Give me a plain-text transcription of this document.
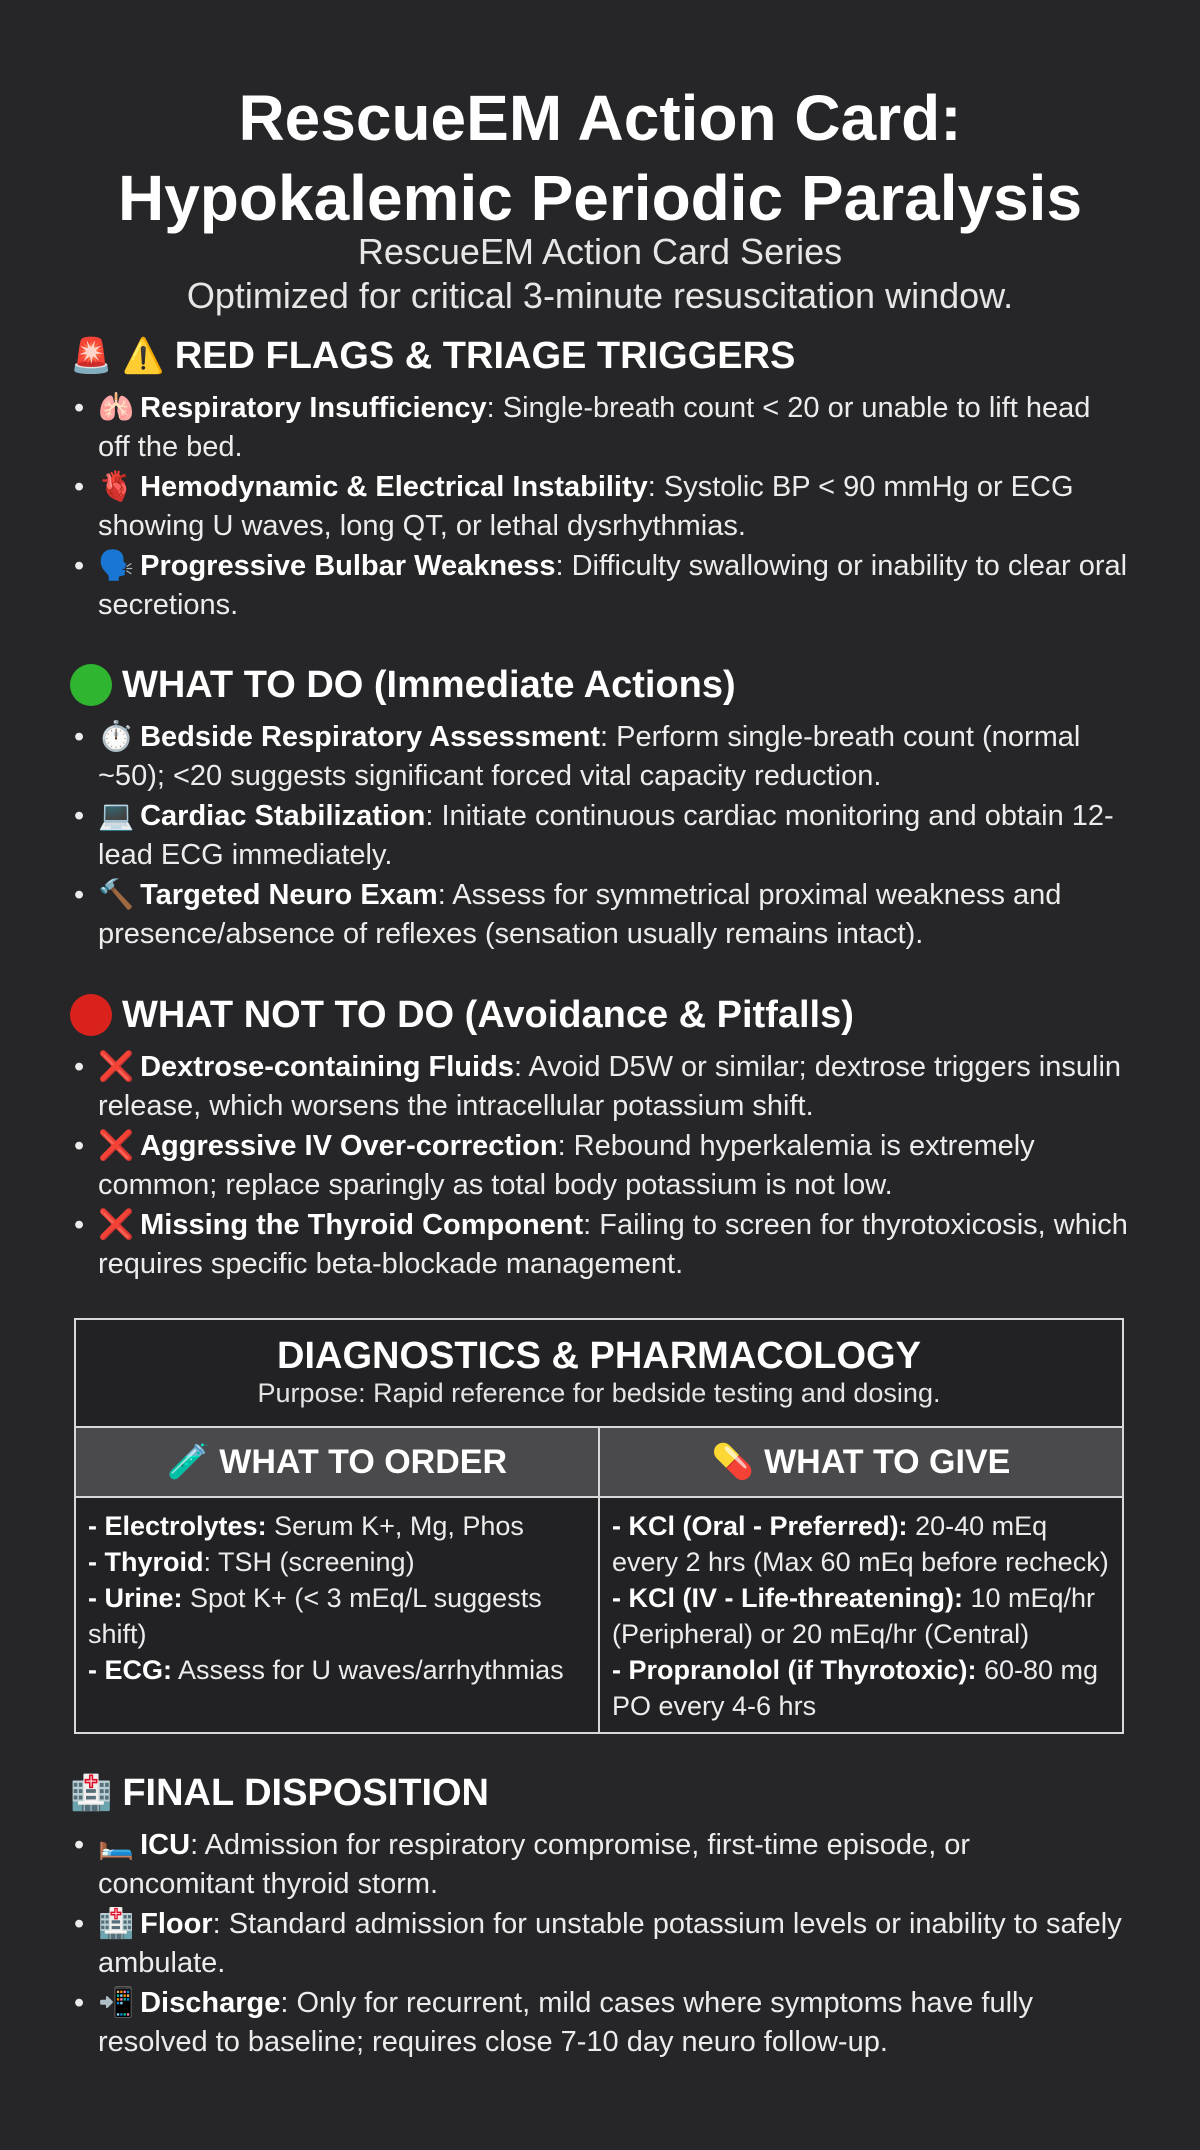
RescueEM Action Card:
Hypokalemic Periodic Paralysis
RescueEM Action Card Series
Optimized for critical 3-minute resuscitation window.
🚨 ⚠️ RED FLAGS & TRIAGE TRIGGERS
• 🫁 Respiratory Insufficiency: Single-breath count < 20 or unable to lift head off the bed.
• 🫀 Hemodynamic & Electrical Instability: Systolic BP < 90 mmHg or ECG showing U waves, long QT, or lethal dysrhythmias.
• 🗣️ Progressive Bulbar Weakness: Difficulty swallowing or inability to clear oral secretions.
WHAT TO DO (Immediate Actions)
• ⏱️ Bedside Respiratory Assessment: Perform single-breath count (normal ~50); <20 suggests significant forced vital capacity reduction.
• 💻 Cardiac Stabilization: Initiate continuous cardiac monitoring and obtain 12-lead ECG immediately.
• 🔨 Targeted Neuro Exam: Assess for symmetrical proximal weakness and presence/absence of reflexes (sensation usually remains intact).
WHAT NOT TO DO (Avoidance & Pitfalls)
• ❌ Dextrose-containing Fluids: Avoid D5W or similar; dextrose triggers insulin release, which worsens the intracellular potassium shift.
• ❌ Aggressive IV Over-correction: Rebound hyperkalemia is extremely common; replace sparingly as total body potassium is not low.
• ❌ Missing the Thyroid Component: Failing to screen for thyrotoxicosis, which requires specific beta-blockade management.
DIAGNOSTICS & PHARMACOLOGY
Purpose: Rapid reference for bedside testing and dosing.
🧪 WHAT TO ORDER	💊 WHAT TO GIVE
- Electrolytes: Serum K+, Mg, Phos
- Thyroid: TSH (screening)
- Urine: Spot K+ (< 3 mEq/L suggests shift)
- ECG: Assess for U waves/arrhythmias
- KCl (Oral - Preferred): 20-40 mEq every 2 hrs (Max 60 mEq before recheck)
- KCl (IV - Life-threatening): 10 mEq/hr (Peripheral) or 20 mEq/hr (Central)
- Propranolol (if Thyrotoxic): 60-80 mg PO every 4-6 hrs
🏥 FINAL DISPOSITION
• 🛏️ ICU: Admission for respiratory compromise, first-time episode, or concomitant thyroid storm.
• 🏥 Floor: Standard admission for unstable potassium levels or inability to safely ambulate.
• 📲 Discharge: Only for recurrent, mild cases where symptoms have fully resolved to baseline; requires close 7-10 day neuro follow-up.
